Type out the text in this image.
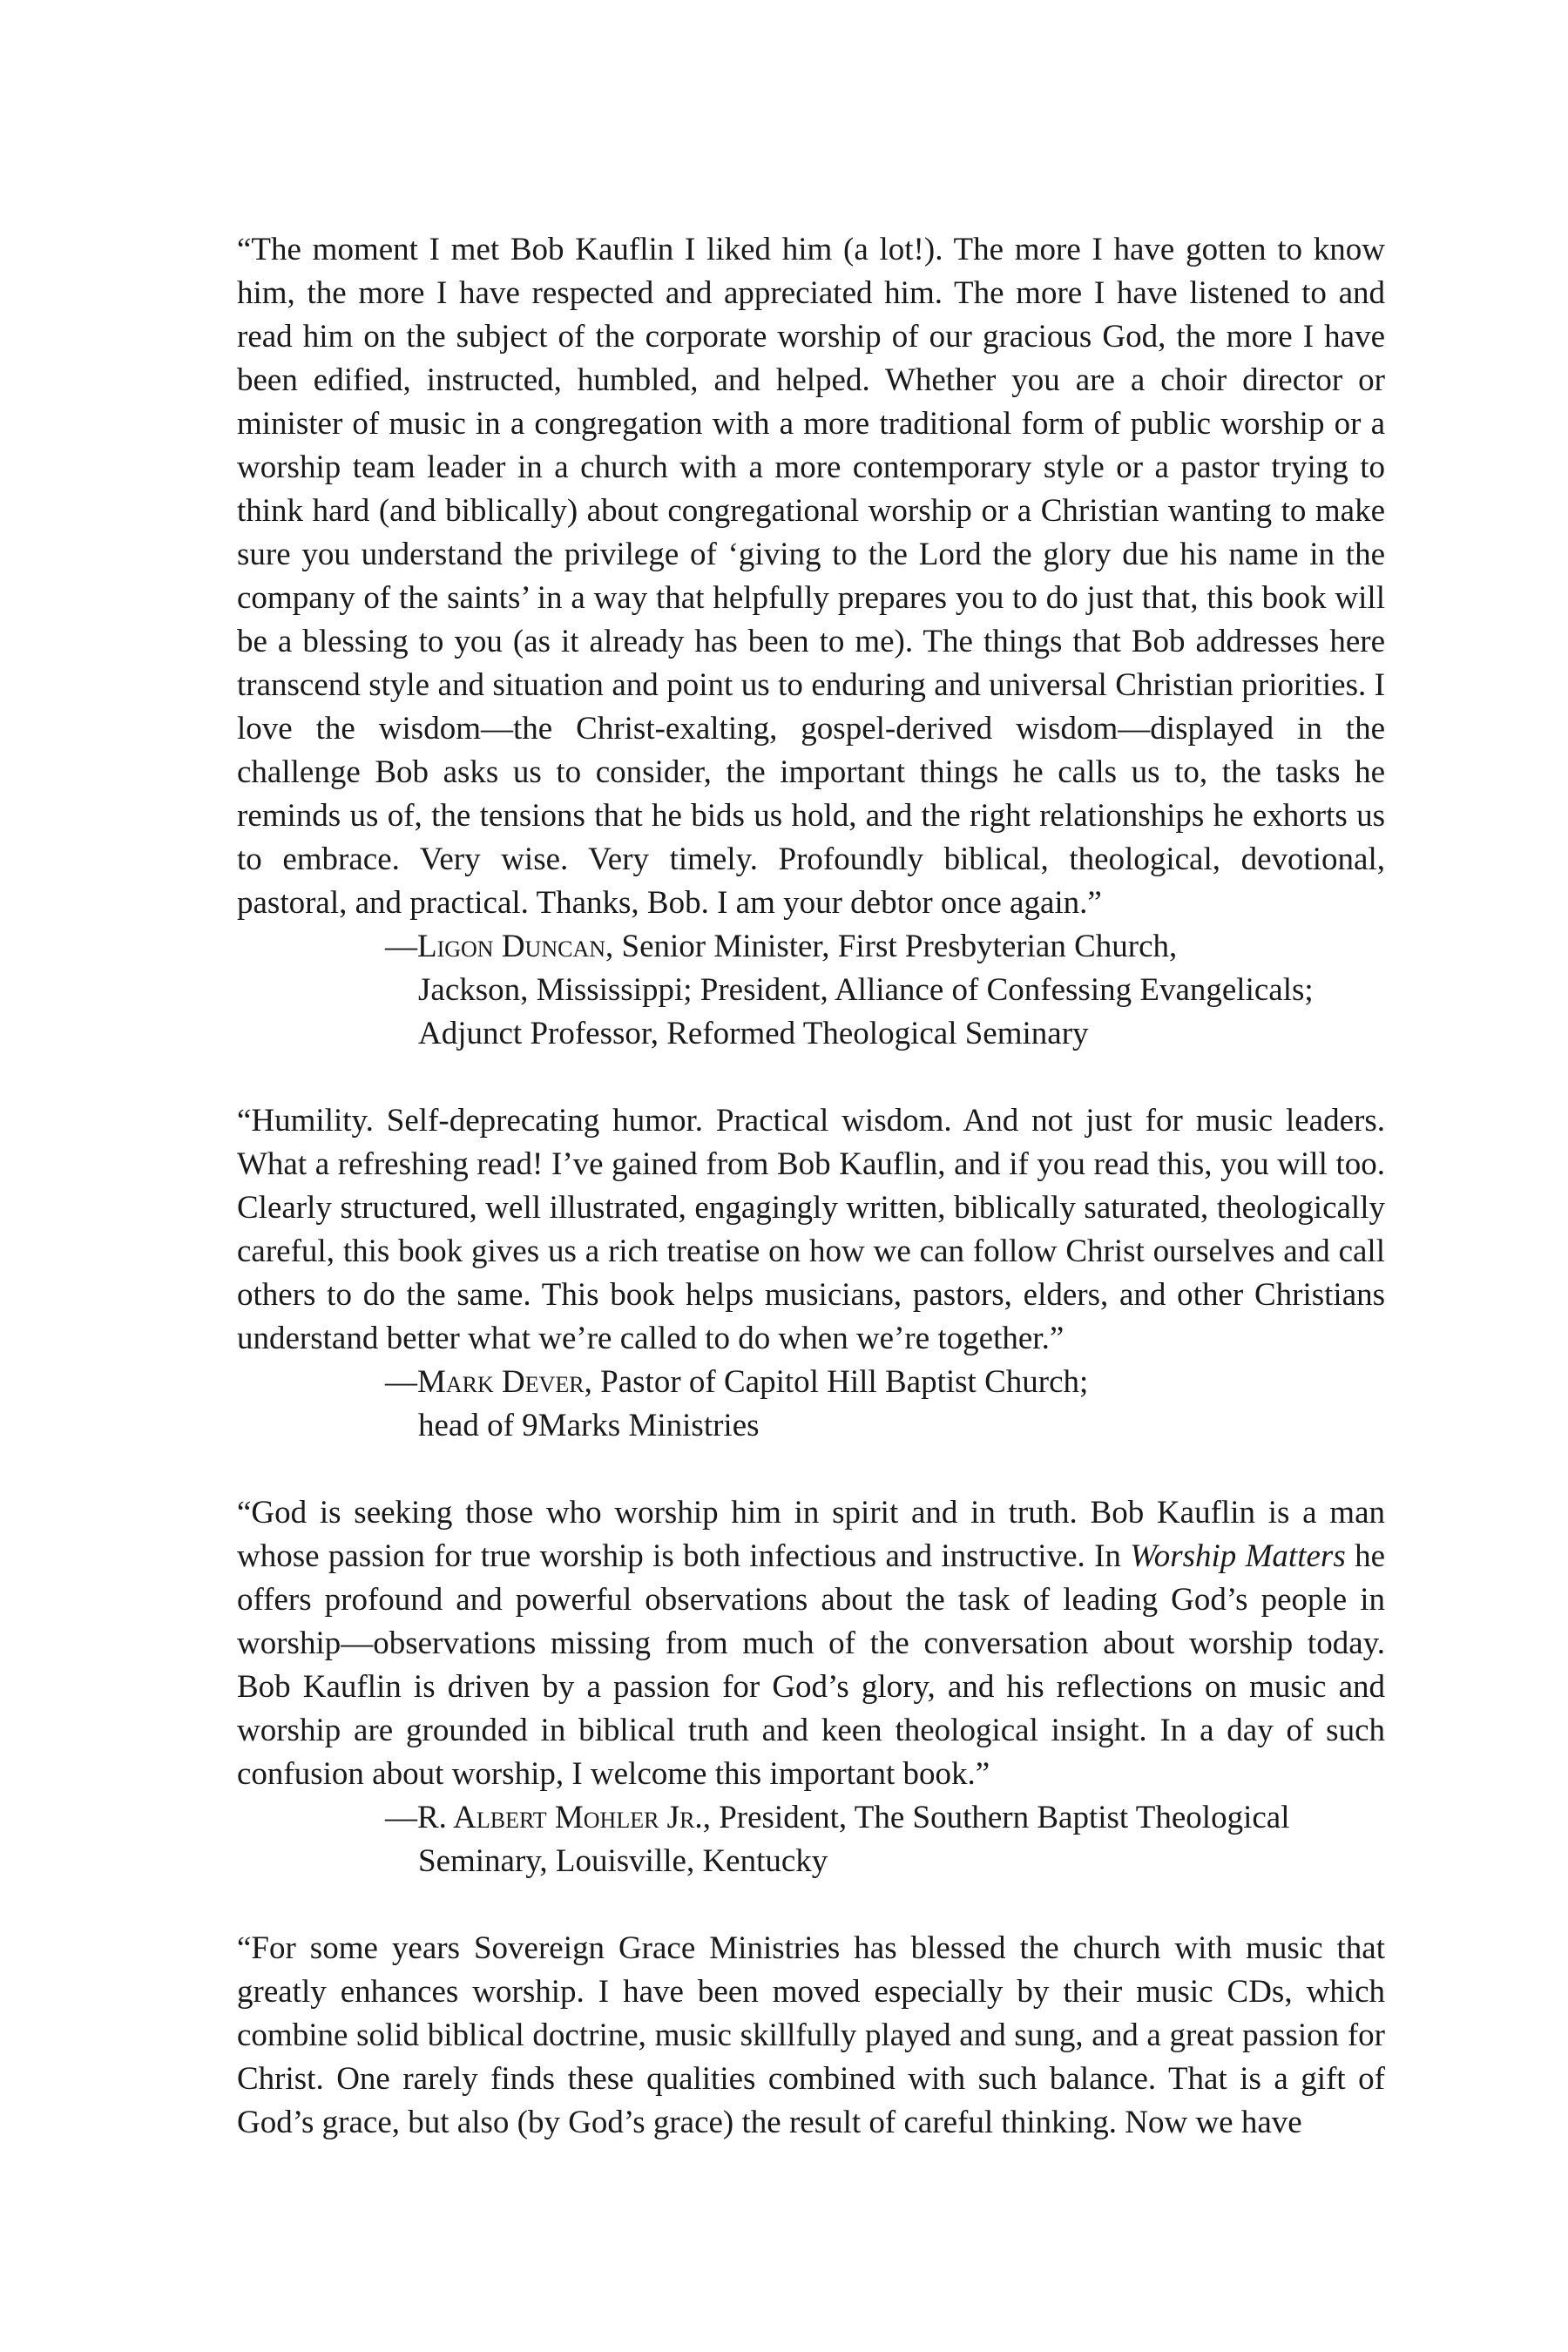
“The moment I met Bob Kauflin I liked him (a lot!). The more I have gotten to know him, the more I have respected and appreciated him. The more I have listened to and read him on the subject of the corporate worship of our gracious God, the more I have been edified, instructed, humbled, and helped. Whether you are a choir director or minister of music in a congregation with a more traditional form of public worship or a worship team leader in a church with a more contemporary style or a pastor trying to think hard (and biblically) about congregational worship or a Christian wanting to make sure you understand the privilege of ‘giving to the Lord the glory due his name in the company of the saints’ in a way that helpfully prepares you to do just that, this book will be a blessing to you (as it already has been to me). The things that Bob addresses here transcend style and situation and point us to enduring and universal Christian priorities. I love the wisdom—the Christ-exalting, gospel-derived wisdom—displayed in the challenge Bob asks us to consider, the important things he calls us to, the tasks he reminds us of, the tensions that he bids us hold, and the right relationships he exhorts us to embrace. Very wise. Very timely. Profoundly biblical, theological, devotional, pastoral, and practical. Thanks, Bob. I am your debtor once again.”

—Ligon Duncan, Senior Minister, First Presbyterian Church,
Jackson, Mississippi; President, Alliance of Confessing Evangelicals;
Adjunct Professor, Reformed Theological Seminary

“Humility. Self-deprecating humor. Practical wisdom. And not just for music leaders. What a refreshing read! I’ve gained from Bob Kauflin, and if you read this, you will too. Clearly structured, well illustrated, engagingly written, biblically saturated, theologically careful, this book gives us a rich treatise on how we can follow Christ ourselves and call others to do the same. This book helps musicians, pastors, elders, and other Christians understand better what we’re called to do when we’re together.”

—Mark Dever, Pastor of Capitol Hill Baptist Church;
head of 9Marks Ministries

“God is seeking those who worship him in spirit and in truth. Bob Kauflin is a man whose passion for true worship is both infectious and instructive. In Worship Matters he offers profound and powerful observations about the task of leading God’s people in worship—observations missing from much of the conversation about worship today. Bob Kauflin is driven by a passion for God’s glory, and his reflections on music and worship are grounded in biblical truth and keen theological insight. In a day of such confusion about worship, I welcome this important book.”

—R. Albert Mohler Jr., President, The Southern Baptist Theological
Seminary, Louisville, Kentucky

“For some years Sovereign Grace Ministries has blessed the church with music that greatly enhances worship. I have been moved especially by their music CDs, which combine solid biblical doctrine, music skillfully played and sung, and a great passion for Christ. One rarely finds these qualities combined with such balance. That is a gift of God’s grace, but also (by God’s grace) the result of careful thinking. Now we have
